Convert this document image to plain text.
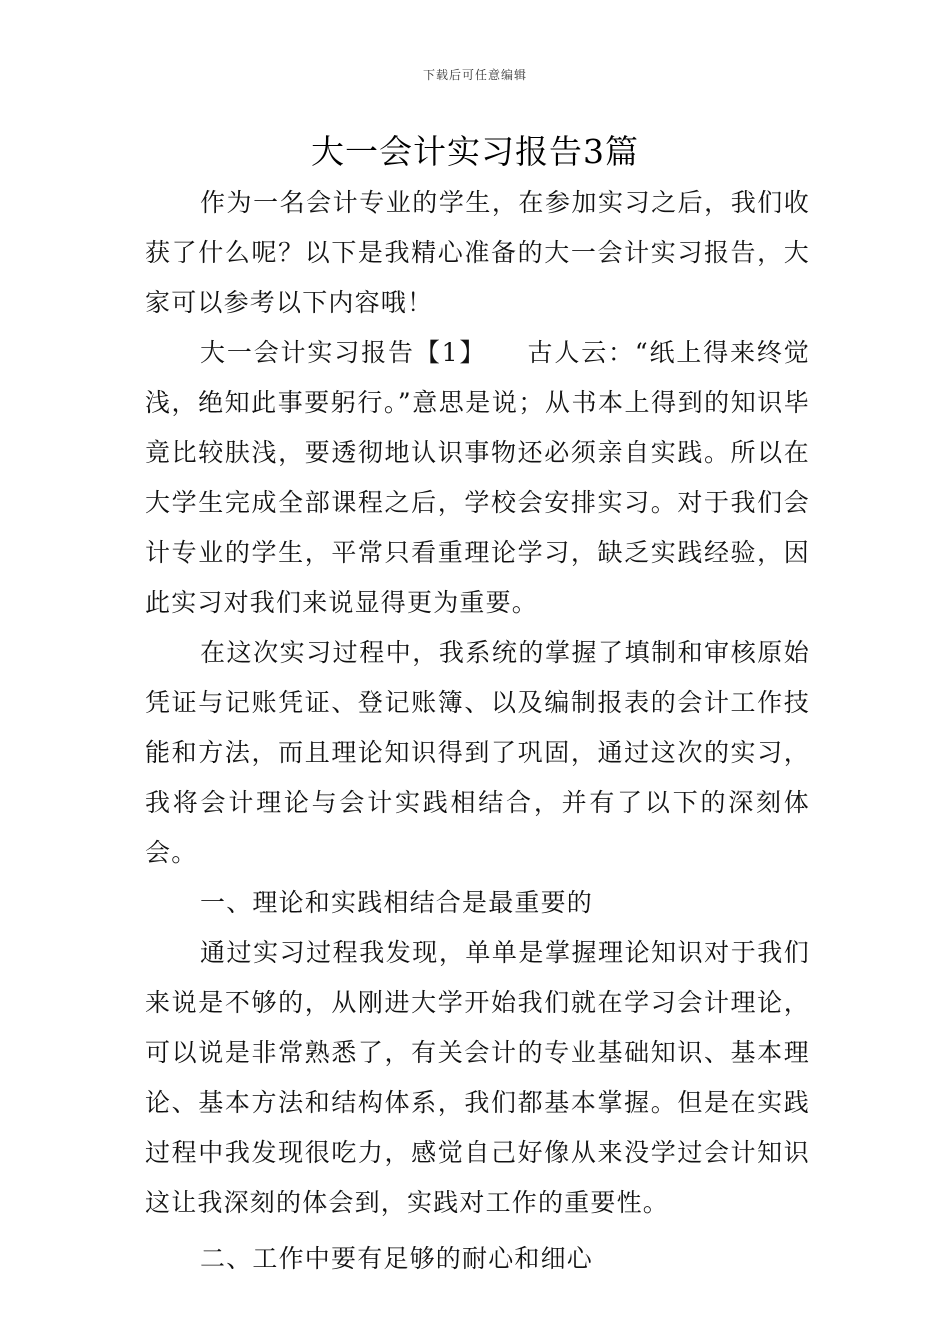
下载后可任意编辑
大一会计实习报告3篇

作为一名会计专业的学生，在参加实习之后，我们收获了什么呢？以下是我精心准备的大一会计实习报告，大家可以参考以下内容哦！

大一会计实习报告【1】　　古人云：“纸上得来终觉浅，绝知此事要躬行。”意思是说；从书本上得到的知识毕竟比较肤浅，要透彻地认识事物还必须亲自实践。所以在大学生完成全部课程之后，学校会安排实习。对于我们会计专业的学生，平常只看重理论学习，缺乏实践经验，因此实习对我们来说显得更为重要。

在这次实习过程中，我系统的掌握了填制和审核原始凭证与记账凭证、登记账簿、以及编制报表的会计工作技能和方法，而且理论知识得到了巩固，通过这次的实习，我将会计理论与会计实践相结合，并有了以下的深刻体会。

一、理论和实践相结合是最重要的

通过实习过程我发现，单单是掌握理论知识对于我们来说是不够的，从刚进大学开始我们就在学习会计理论，可以说是非常熟悉了，有关会计的专业基础知识、基本理论、基本方法和结构体系，我们都基本掌握。但是在实践过程中我发现很吃力，感觉自己好像从来没学过会计知识这让我深刻的体会到，实践对工作的重要性。

二、工作中要有足够的耐心和细心
